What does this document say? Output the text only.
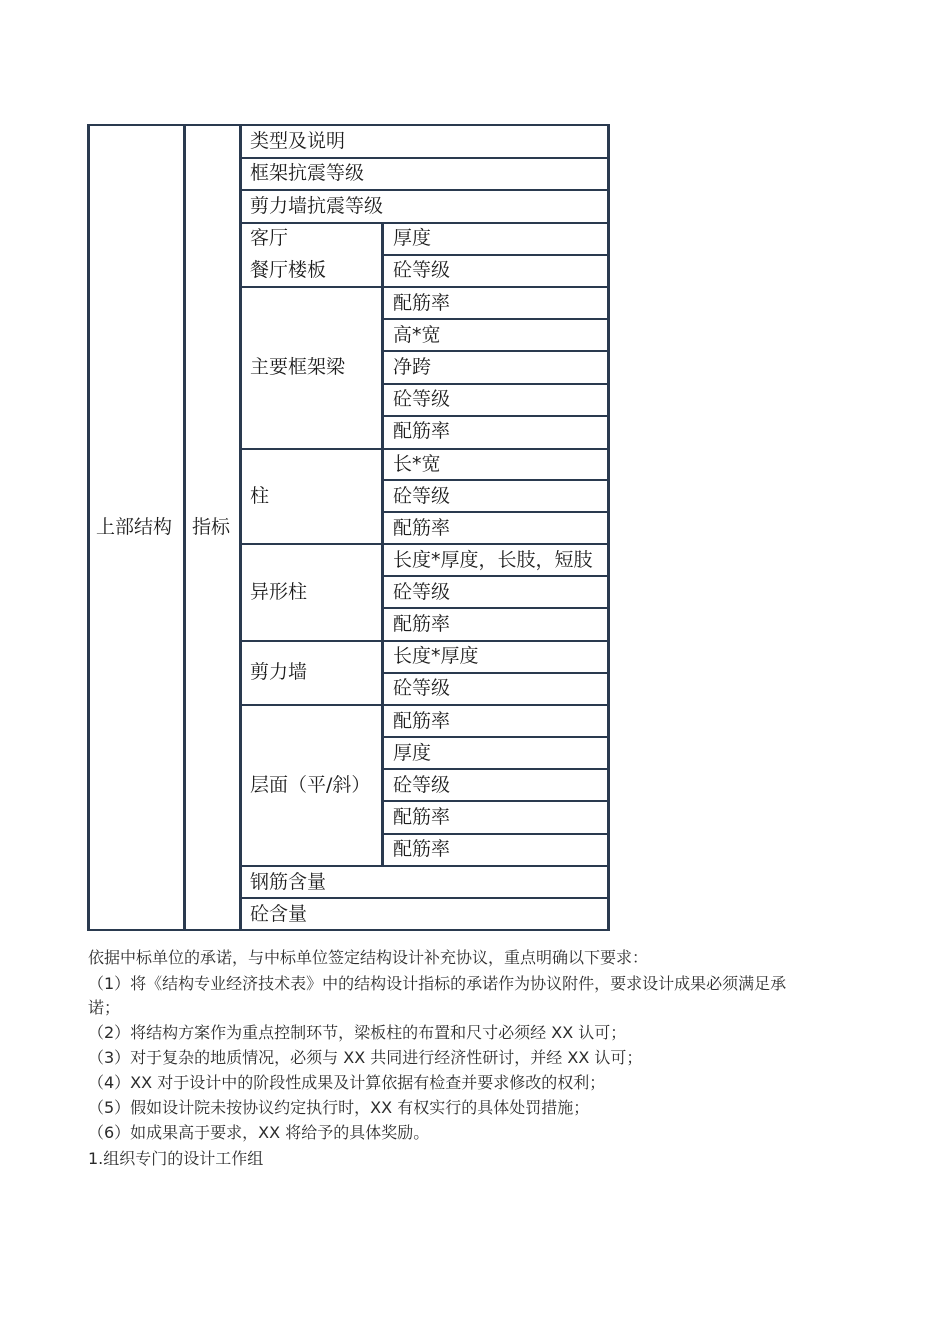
上部结构 指标
类型及说明
框架抗震等级
剪力墙抗震等级
客厅
餐厅楼板
厚度
砼等级
主要框架梁
配筋率
高*宽
净跨
砼等级
配筋率
柱
长*宽
砼等级
配筋率
异形柱
长度*厚度，长肢，短肢
砼等级
配筋率
剪力墙
长度*厚度
砼等级
层面（平/斜）
配筋率
厚度
砼等级
配筋率
配筋率
钢筋含量
砼含量
依据中标单位的承诺，与中标单位签定结构设计补充协议，重点明确以下要求：
（1）将《结构专业经济技术表》中的结构设计指标的承诺作为协议附件，要求设计成果必须满足承
诺；
（2）将结构方案作为重点控制环节，梁板柱的布置和尺寸必须经 XX 认可；
（3）对于复杂的地质情况，必须与 XX 共同进行经济性研讨，并经 XX 认可；
（4）XX 对于设计中的阶段性成果及计算依据有检查并要求修改的权利；
（5）假如设计院未按协议约定执行时，XX 有权实行的具体处罚措施；
（6）如成果高于要求，XX 将给予的具体奖励。
1.组织专门的设计工作组
